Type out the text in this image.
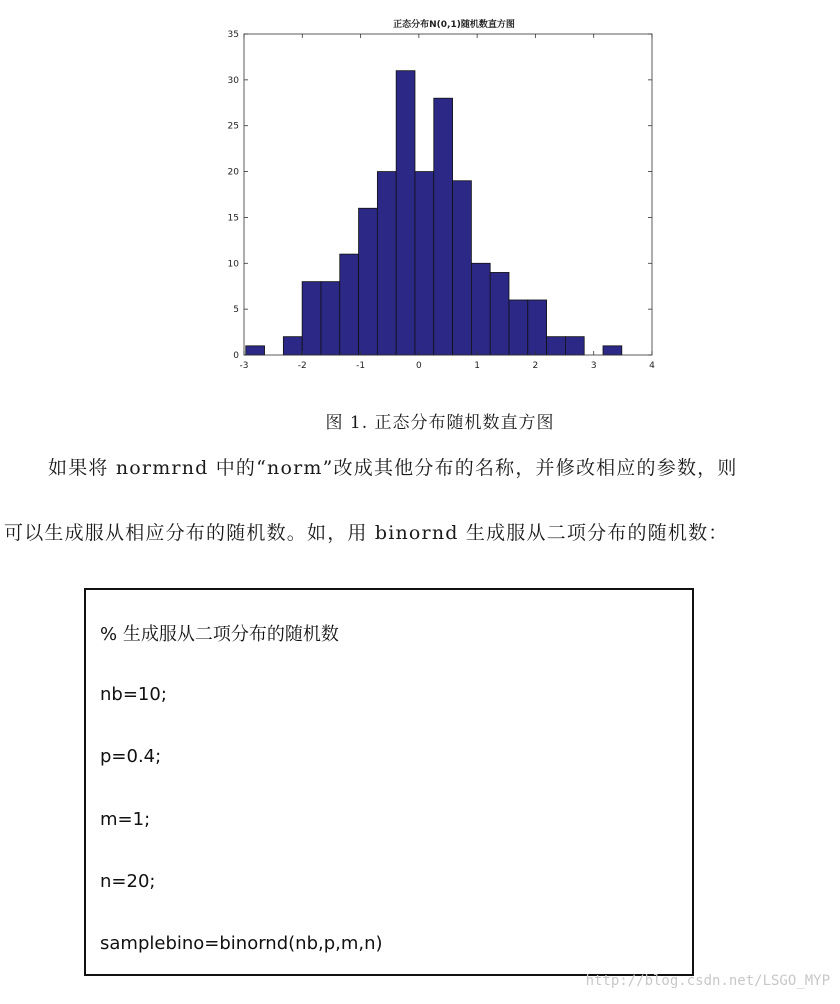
正态分布N(0,1)随机数直方图
-3	-2	-1	0	1	2	3	4
0
5
10
15
20
25
30
35
图 1. 正态分布随机数直方图
如果将 normrnd 中的“norm”改成其他分布的名称，并修改相应的参数，则
可以生成服从相应分布的随机数。如，用 binornd 生成服从二项分布的随机数：
% 生成服从二项分布的随机数
nb=10;
p=0.4;
m=1;
n=20;
samplebino=binornd(nb,p,m,n)
http://blog.csdn.net/LSGO_MYP
